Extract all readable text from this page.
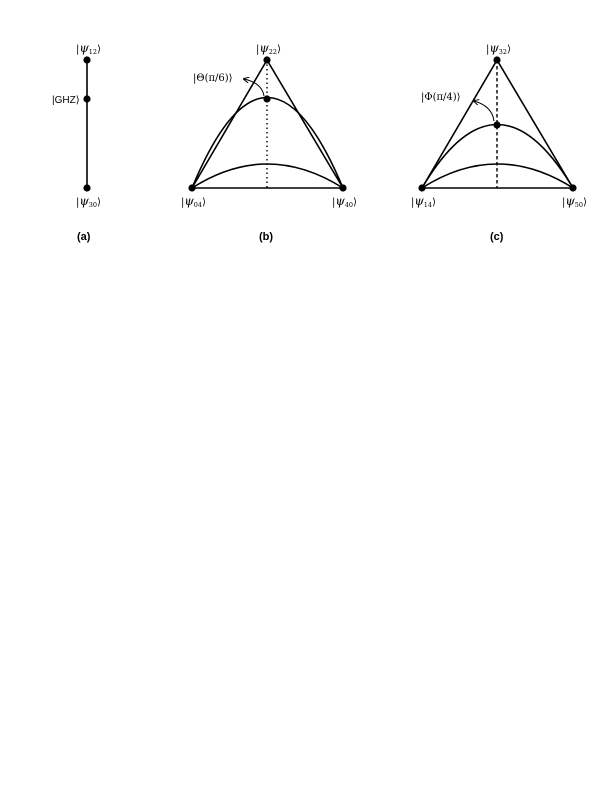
$|\psi_{12}⟩$
|GHZ⟩
$|\psi_{30}⟩$
(a)
$|\psi_{22}⟩$
|Θ(π/6)⟩
$|\psi_{04}⟩$	$|\psi_{40}⟩$
(b)
$|\psi_{32}⟩$
|Φ(π/4)⟩
$|\psi_{14}⟩$	$|\psi_{50}⟩$
(c)
